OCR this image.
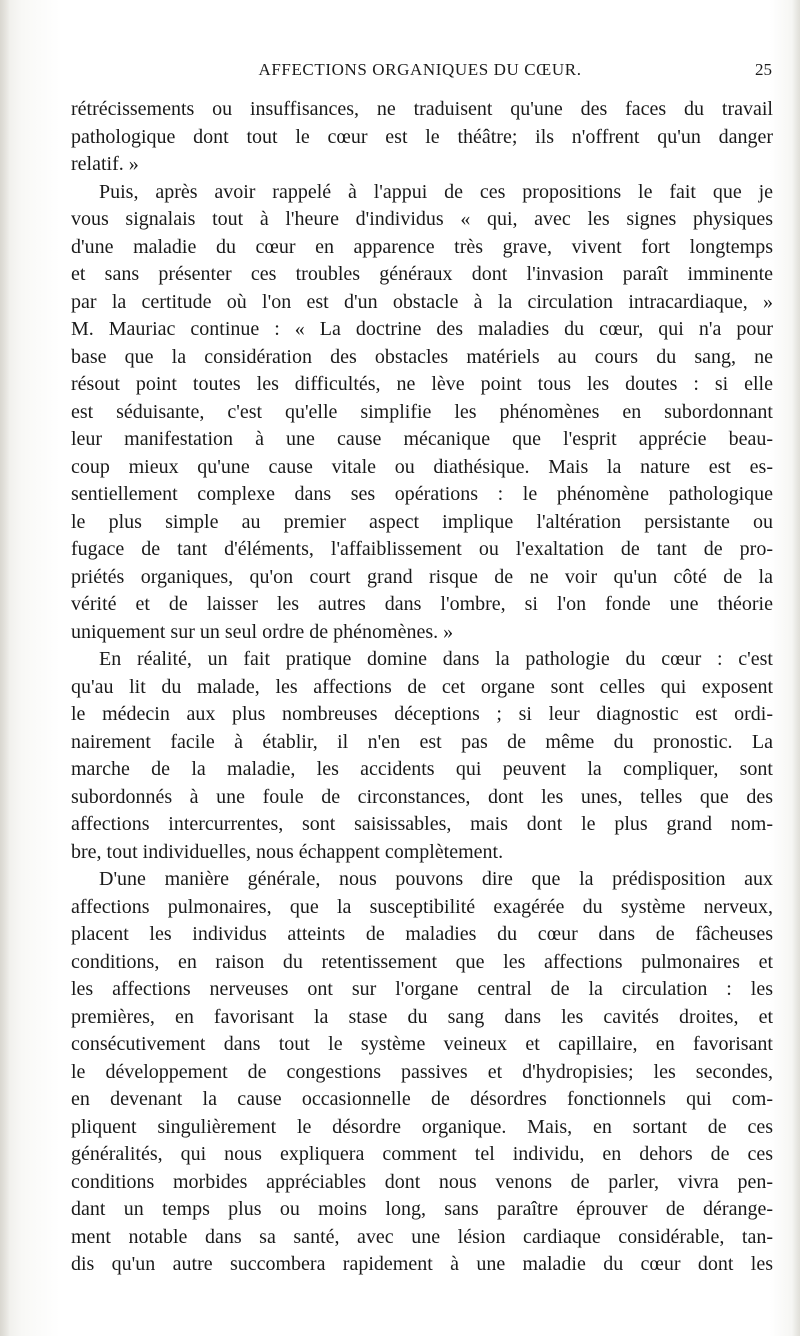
AFFECTIONS ORGANIQUES DU CŒUR.	25
rétrécissements ou insuffisances, ne traduisent qu'une des faces du travail
pathologique dont tout le cœur est le théâtre; ils n'offrent qu'un danger
relatif. »
Puis, après avoir rappelé à l'appui de ces propositions le fait que je
vous signalais tout à l'heure d'individus « qui, avec les signes physiques
d'une maladie du cœur en apparence très grave, vivent fort longtemps
et sans présenter ces troubles généraux dont l'invasion paraît imminente
par la certitude où l'on est d'un obstacle à la circulation intracardiaque, »
M. Mauriac continue : « La doctrine des maladies du cœur, qui n'a pour
base que la considération des obstacles matériels au cours du sang, ne
résout point toutes les difficultés, ne lève point tous les doutes : si elle
est séduisante, c'est qu'elle simplifie les phénomènes en subordonnant
leur manifestation à une cause mécanique que l'esprit apprécie beau-
coup mieux qu'une cause vitale ou diathésique. Mais la nature est es-
sentiellement complexe dans ses opérations : le phénomène pathologique
le plus simple au premier aspect implique l'altération persistante ou
fugace de tant d'éléments, l'affaiblissement ou l'exaltation de tant de pro-
priétés organiques, qu'on court grand risque de ne voir qu'un côté de la
vérité et de laisser les autres dans l'ombre, si l'on fonde une théorie
uniquement sur un seul ordre de phénomènes. »
En réalité, un fait pratique domine dans la pathologie du cœur : c'est
qu'au lit du malade, les affections de cet organe sont celles qui exposent
le médecin aux plus nombreuses déceptions ; si leur diagnostic est ordi-
nairement facile à établir, il n'en est pas de même du pronostic. La
marche de la maladie, les accidents qui peuvent la compliquer, sont
subordonnés à une foule de circonstances, dont les unes, telles que des
affections intercurrentes, sont saisissables, mais dont le plus grand nom-
bre, tout individuelles, nous échappent complètement.
D'une manière générale, nous pouvons dire que la prédisposition aux
affections pulmonaires, que la susceptibilité exagérée du système nerveux,
placent les individus atteints de maladies du cœur dans de fâcheuses
conditions, en raison du retentissement que les affections pulmonaires et
les affections nerveuses ont sur l'organe central de la circulation : les
premières, en favorisant la stase du sang dans les cavités droites, et
consécutivement dans tout le système veineux et capillaire, en favorisant
le développement de congestions passives et d'hydropisies; les secondes,
en devenant la cause occasionnelle de désordres fonctionnels qui com-
pliquent singulièrement le désordre organique. Mais, en sortant de ces
généralités, qui nous expliquera comment tel individu, en dehors de ces
conditions morbides appréciables dont nous venons de parler, vivra pen-
dant un temps plus ou moins long, sans paraître éprouver de dérange-
ment notable dans sa santé, avec une lésion cardiaque considérable, tan-
dis qu'un autre succombera rapidement à une maladie du cœur dont les
